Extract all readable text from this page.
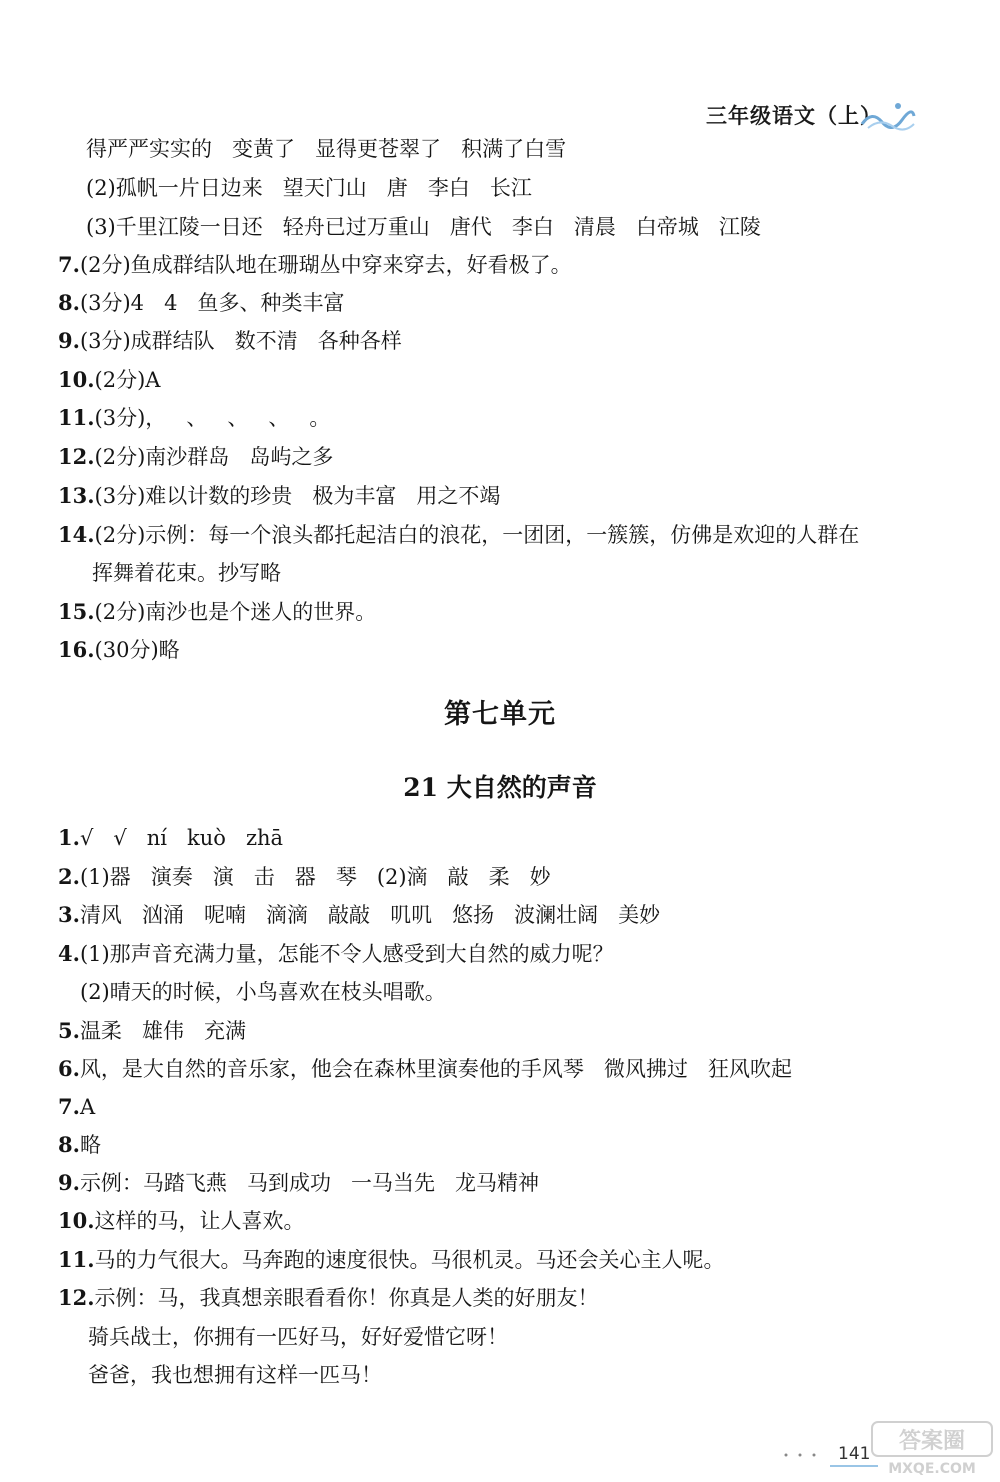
三年级语文（上）
得严严实实的   变黄了   显得更苍翠了   积满了白雪
(2)孤帆一片日边来   望天门山   唐   李白   长江
(3)千里江陵一日还   轻舟已过万重山   唐代   李白   清晨   白帝城   江陵
7.(2分)鱼成群结队地在珊瑚丛中穿来穿去，好看极了。
8.(3分)4   4   鱼多、种类丰富
9.(3分)成群结队   数不清   各种各样
10.(2分)A
11.(3分)，   、   、   、   。
12.(2分)南沙群岛   岛屿之多
13.(3分)难以计数的珍贵   极为丰富   用之不竭
14.(2分)示例：每一个浪头都托起洁白的浪花，一团团，一簇簇，仿佛是欢迎的人群在
挥舞着花束。抄写略
15.(2分)南沙也是个迷人的世界。
16.(30分)略
第七单元
21 大自然的声音
1.√   √   ní   kuò   zhā
2.(1)器   演奏   演   击   器   琴   (2)滴   敲   柔   妙
3.清风   汹涌   呢喃   滴滴   敲敲   叽叽   悠扬   波澜壮阔   美妙
4.(1)那声音充满力量，怎能不令人感受到大自然的威力呢？
(2)晴天的时候，小鸟喜欢在枝头唱歌。
5.温柔   雄伟   充满
6.风，是大自然的音乐家，他会在森林里演奏他的手风琴   微风拂过   狂风吹起
7.A
8.略
9.示例：马踏飞燕   马到成功   一马当先   龙马精神
10.这样的马，让人喜欢。
11.马的力气很大。马奔跑的速度很快。马很机灵。马还会关心主人呢。
12.示例：马，我真想亲眼看看你！你真是人类的好朋友！
骑兵战士，你拥有一匹好马，好好爱惜它呀！
爸爸，我也想拥有这样一匹马！
141	答案圈
MXQE.COM
